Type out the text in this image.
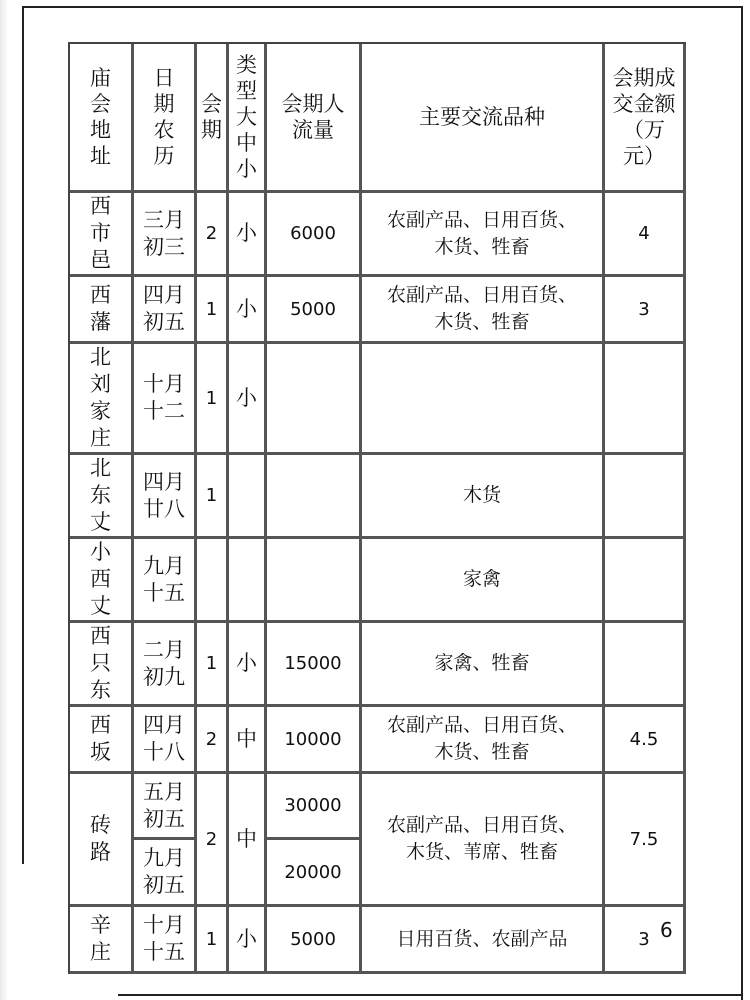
庙会地址	日期农历	会期	类型大中小	会期人流量	主要交流品种	会期成交金额（万元）
西市邑	三月初三	2	小	6000	农副产品、日用百货、木货、牲畜	4
西藩	四月初五	1	小	5000	农副产品、日用百货、木货、牲畜	3
北刘家庄	十月十二	1	小			
北东丈	四月廿八	1			木货	
小西丈	九月十五				家禽	
西只东	二月初九	1	小	15000	家禽、牲畜	
西坂	四月十八	2	中	10000	农副产品、日用百货、木货、牲畜	4.5
砖路	五月初五	2	中	30000	农副产品、日用百货、木货、苇席、牲畜	7.5
	九月初五			20000		
辛庄	十月十五	1	小	5000	日用百货、农副产品	3 6
